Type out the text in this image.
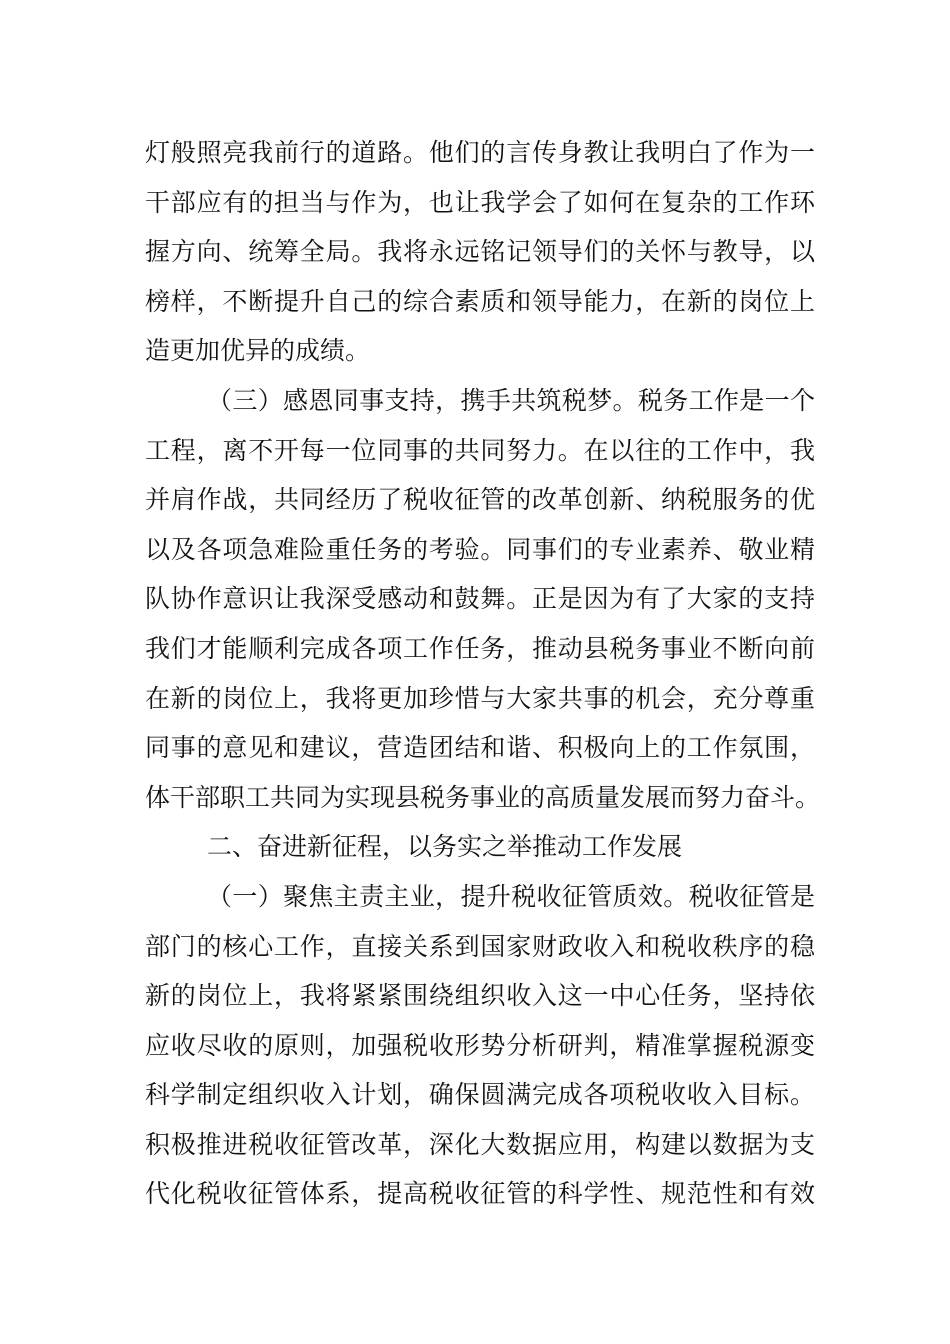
灯般照亮我前行的道路。他们的言传身教让我明白了作为一
干部应有的担当与作为，也让我学会了如何在复杂的工作环
握方向、统筹全局。我将永远铭记领导们的关怀与教导，以
榜样，不断提升自己的综合素质和领导能力，在新的岗位上
造更加优异的成绩。
（三）感恩同事支持，携手共筑税梦。税务工作是一个
工程，离不开每一位同事的共同努力。在以往的工作中，我
并肩作战，共同经历了税收征管的改革创新、纳税服务的优
以及各项急难险重任务的考验。同事们的专业素养、敬业精
队协作意识让我深受感动和鼓舞。正是因为有了大家的支持
我们才能顺利完成各项工作任务，推动县税务事业不断向前
在新的岗位上，我将更加珍惜与大家共事的机会，充分尊重
同事的意见和建议，营造团结和谐、积极向上的工作氛围，
体干部职工共同为实现县税务事业的高质量发展而努力奋斗。
二、奋进新征程，以务实之举推动工作发展
（一）聚焦主责主业，提升税收征管质效。税收征管是
部门的核心工作，直接关系到国家财政收入和税收秩序的稳
新的岗位上，我将紧紧围绕组织收入这一中心任务，坚持依
应收尽收的原则，加强税收形势分析研判，精准掌握税源变
科学制定组织收入计划，确保圆满完成各项税收收入目标。
积极推进税收征管改革，深化大数据应用，构建以数据为支
代化税收征管体系，提高税收征管的科学性、规范性和有效
